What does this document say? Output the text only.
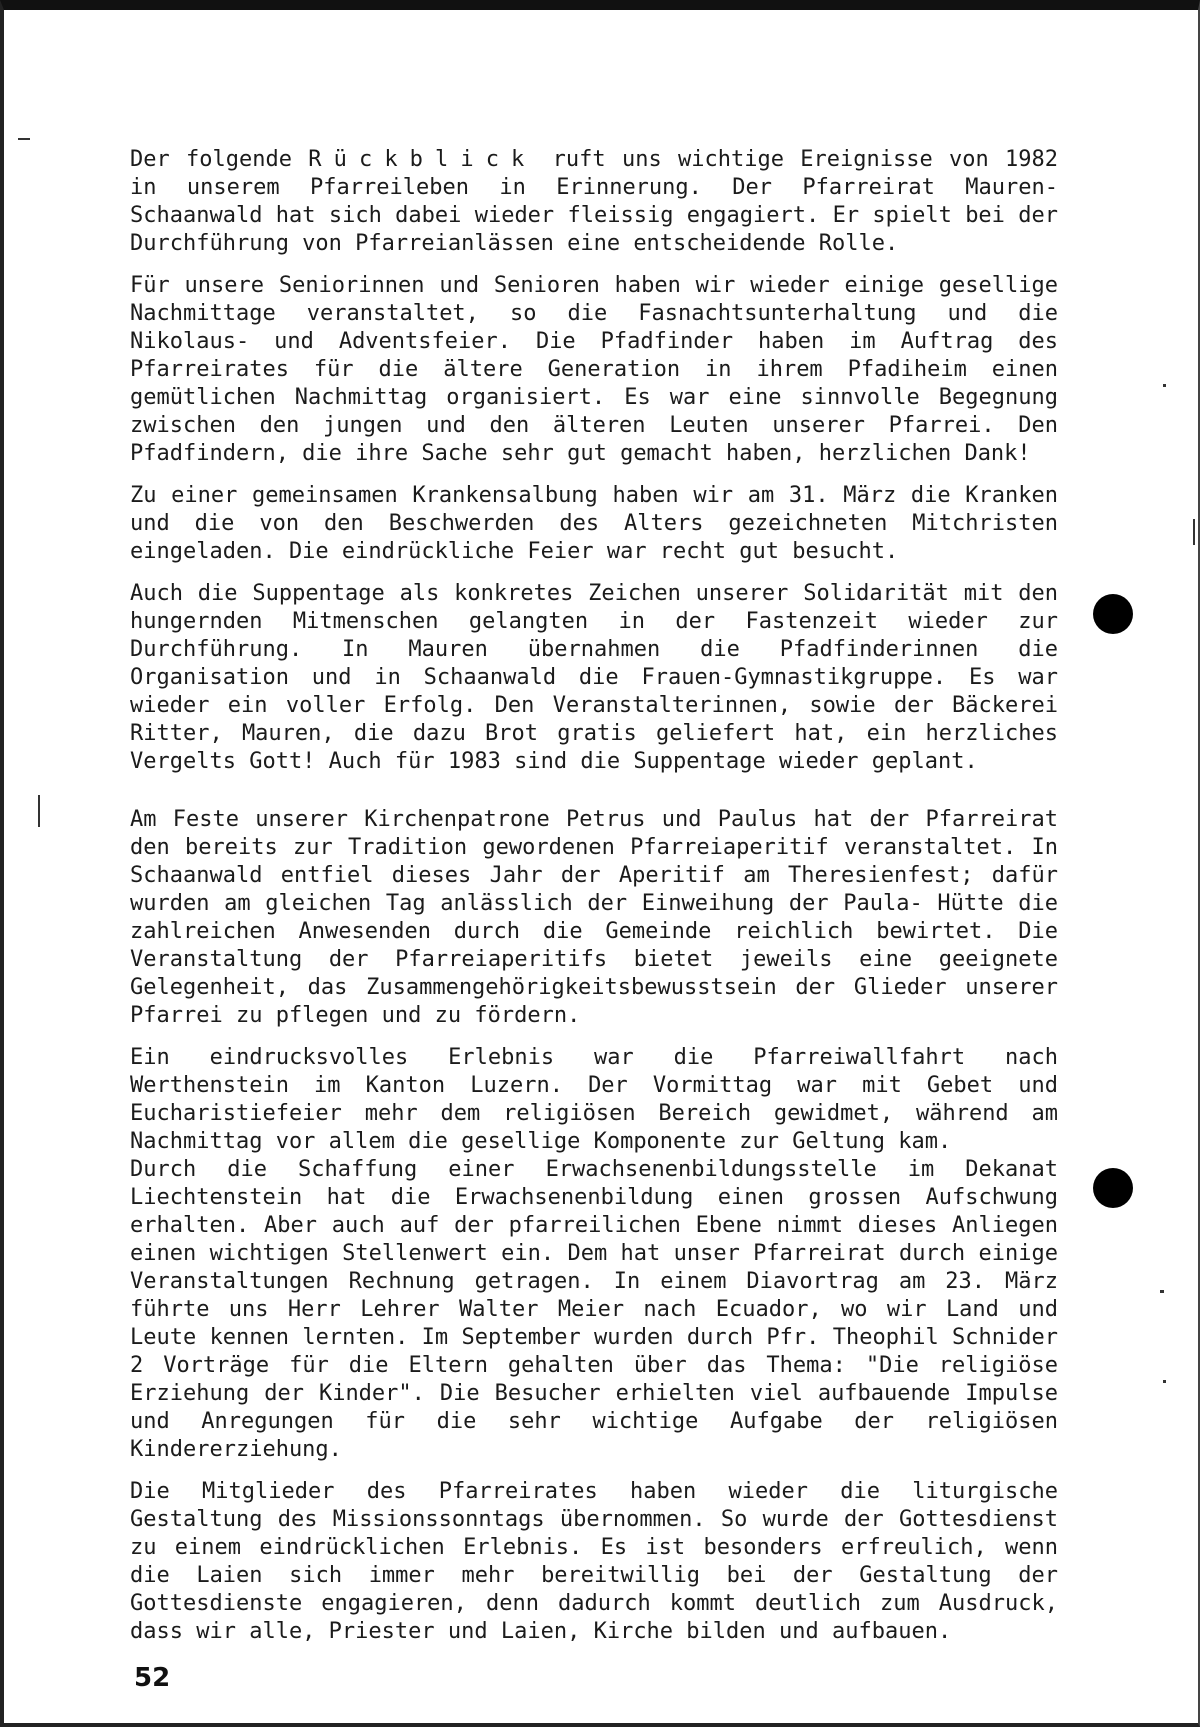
Der folgende Rückblick ruft uns wichtige Ereignisse von 1982 in unserem Pfarreileben in Erinnerung. Der Pfarreirat Mauren-Schaanwald hat sich dabei wieder fleissig engagiert. Er spielt bei der Durchführung von Pfarreianlässen eine entscheidende Rolle.

Für unsere Seniorinnen und Senioren haben wir wieder einige gesellige Nachmittage veranstaltet, so die Fasnachtsunterhaltung und die Nikolaus- und Adventsfeier. Die Pfadfinder haben im Auftrag des Pfarreirates für die ältere Generation in ihrem Pfadiheim einen gemütlichen Nachmittag organisiert. Es war eine sinnvolle Begegnung zwischen den jungen und den älteren Leuten unserer Pfarrei. Den Pfadfindern, die ihre Sache sehr gut gemacht haben, herzlichen Dank!

Zu einer gemeinsamen Krankensalbung haben wir am 31. März die Kranken und die von den Beschwerden des Alters gezeichneten Mitchristen eingeladen. Die eindrückliche Feier war recht gut besucht.

Auch die Suppentage als konkretes Zeichen unserer Solidarität mit den hungernden Mitmenschen gelangten in der Fastenzeit wieder zur Durchführung. In Mauren übernahmen die Pfadfinderinnen die Organisation und in Schaanwald die Frauen-Gymnastikgruppe. Es war wieder ein voller Erfolg. Den Veranstalterinnen, sowie der Bäckerei Ritter, Mauren, die dazu Brot gratis geliefert hat, ein herzliches Vergelts Gott! Auch für 1983 sind die Suppentage wieder geplant.

Am Feste unserer Kirchenpatrone Petrus und Paulus hat der Pfarreirat den bereits zur Tradition gewordenen Pfarreiaperitif veranstaltet. In Schaanwald entfiel dieses Jahr der Aperitif am Theresienfest; dafür wurden am gleichen Tag anlässlich der Einweihung der Paula- Hütte die zahlreichen Anwesenden durch die Gemeinde reichlich bewirtet. Die Veranstaltung der Pfarreiaperitifs bietet jeweils eine geeignete Gelegenheit, das Zusammengehörigkeitsbewusstsein der Glieder unserer Pfarrei zu pflegen und zu fördern.

Ein eindrucksvolles Erlebnis war die Pfarreiwallfahrt nach Werthenstein im Kanton Luzern. Der Vormittag war mit Gebet und Eucharistiefeier mehr dem religiösen Bereich gewidmet, während am Nachmittag vor allem die gesellige Komponente zur Geltung kam.

Durch die Schaffung einer Erwachsenenbildungsstelle im Dekanat Liechtenstein hat die Erwachsenenbildung einen grossen Aufschwung erhalten. Aber auch auf der pfarreilichen Ebene nimmt dieses Anliegen einen wichtigen Stellenwert ein. Dem hat unser Pfarreirat durch einige Veranstaltungen Rechnung getragen. In einem Diavortrag am 23. März führte uns Herr Lehrer Walter Meier nach Ecuador, wo wir Land und Leute kennen lernten. Im September wurden durch Pfr. Theophil Schnider 2 Vorträge für die Eltern gehalten über das Thema: "Die religiöse Erziehung der Kinder". Die Besucher erhielten viel aufbauende Impulse und Anregungen für die sehr wichtige Aufgabe der religiösen Kindererziehung.

Die Mitglieder des Pfarreirates haben wieder die liturgische Gestaltung des Missionssonntags übernommen. So wurde der Gottesdienst zu einem eindrücklichen Erlebnis. Es ist besonders erfreulich, wenn die Laien sich immer mehr bereitwillig bei der Gestaltung der Gottesdienste engagieren, denn dadurch kommt deutlich zum Ausdruck, dass wir alle, Priester und Laien, Kirche bilden und aufbauen.

52
